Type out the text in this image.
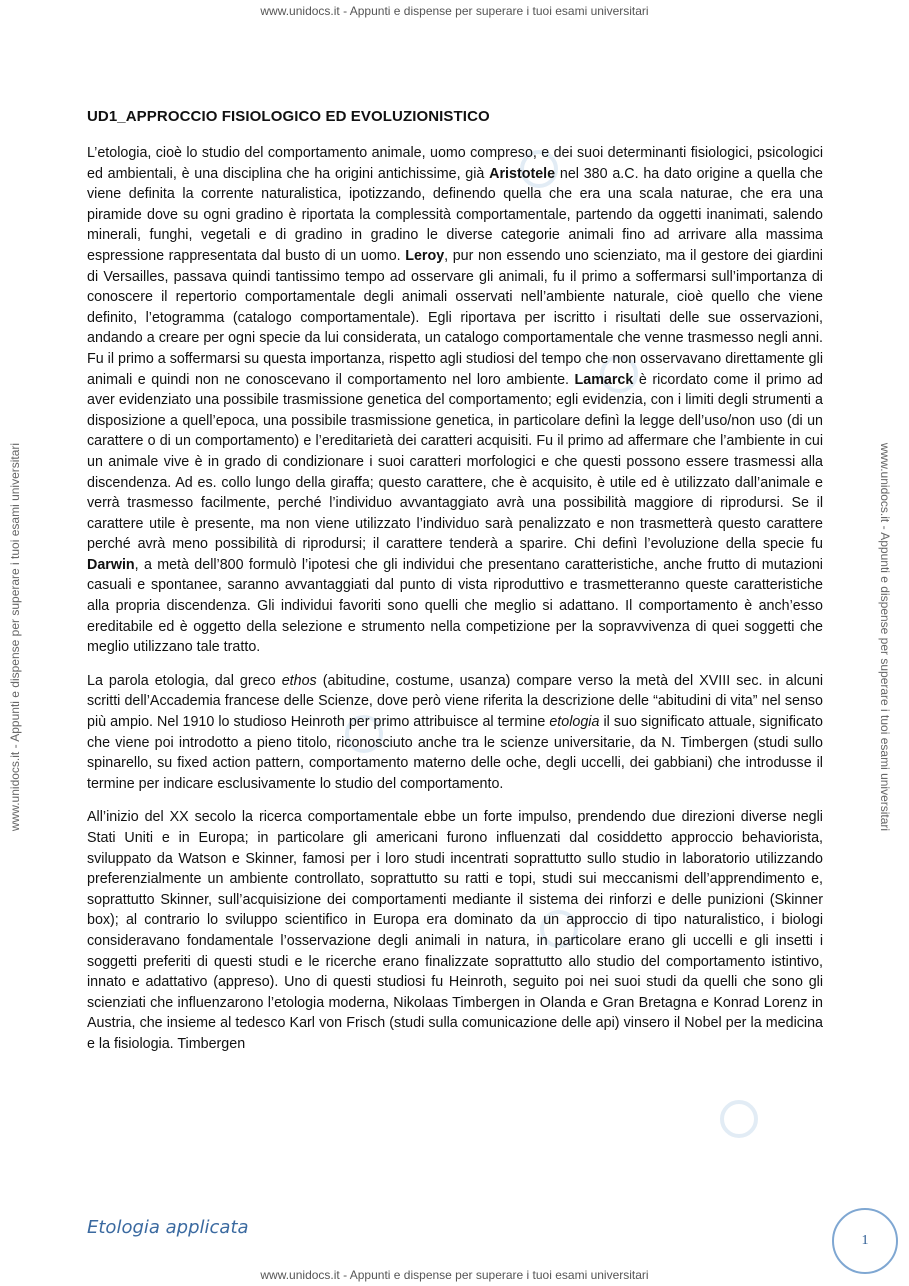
www.unidocs.it - Appunti e dispense per superare i tuoi esami universitari
www.unidocs.it - Appunti e dispense per superare i tuoi esami universitari	www.unidocs.it - Appunti e dispense per superare i tuoi esami universitari
UD1_APPROCCIO FISIOLOGICO ED EVOLUZIONISTICO

L’etologia, cioè lo studio del comportamento animale, uomo compreso, e dei suoi determinanti fisiologici, psicologici ed ambientali, è una disciplina che ha origini antichissime, già Aristotele nel 380 a.C. ha dato origine a quella che viene definita la corrente naturalistica, ipotizzando, definendo quella che era una scala naturae, che era una piramide dove su ogni gradino è riportata la complessità comportamentale, partendo da oggetti inanimati, salendo minerali, funghi, vegetali e di gradino in gradino le diverse categorie animali fino ad arrivare alla massima espressione rappresentata dal busto di un uomo. Leroy, pur non essendo uno scienziato, ma il gestore dei giardini di Versailles, passava quindi tantissimo tempo ad osservare gli animali, fu il primo a soffermarsi sull’importanza di conoscere il repertorio comportamentale degli animali osservati nell’ambiente naturale, cioè quello che viene definito, l’etogramma (catalogo comportamentale). Egli riportava per iscritto i risultati delle sue osservazioni, andando a creare per ogni specie da lui considerata, un catalogo comportamentale che venne trasmesso negli anni. Fu il primo a soffermarsi su questa importanza, rispetto agli studiosi del tempo che non osservavano direttamente gli animali e quindi non ne conoscevano il comportamento nel loro ambiente. Lamarck è ricordato come il primo ad aver evidenziato una possibile trasmissione genetica del comportamento; egli evidenzia, con i limiti degli strumenti a disposizione a quell’epoca, una possibile trasmissione genetica, in particolare definì la legge dell’uso/non uso (di un carattere o di un comportamento) e l’ereditarietà dei caratteri acquisiti. Fu il primo ad affermare che l’ambiente in cui un animale vive è in grado di condizionare i suoi caratteri morfologici e che questi possono essere trasmessi alla discendenza. Ad es. collo lungo della giraffa; questo carattere, che è acquisito, è utile ed è utilizzato dall’animale e verrà trasmesso facilmente, perché l’individuo avvantaggiato avrà una possibilità maggiore di riprodursi. Se il carattere utile è presente, ma non viene utilizzato l’individuo sarà penalizzato e non trasmetterà questo carattere perché avrà meno possibilità di riprodursi; il carattere tenderà a sparire. Chi definì l’evoluzione della specie fu Darwin, a metà dell’800 formulò l’ipotesi che gli individui che presentano caratteristiche, anche frutto di mutazioni casuali e spontanee, saranno avvantaggiati dal punto di vista riproduttivo e trasmetteranno queste caratteristiche alla propria discendenza. Gli individui favoriti sono quelli che meglio si adattano. Il comportamento è anch’esso ereditabile ed è oggetto della selezione e strumento nella competizione per la sopravvivenza di quei soggetti che meglio utilizzano tale tratto.

La parola etologia, dal greco ethos (abitudine, costume, usanza) compare verso la metà del XVIII sec. in alcuni scritti dell’Accademia francese delle Scienze, dove però viene riferita la descrizione delle “abitudini di vita” nel senso più ampio. Nel 1910 lo studioso Heinroth per primo attribuisce al termine etologia il suo significato attuale, significato che viene poi introdotto a pieno titolo, riconosciuto anche tra le scienze universitarie, da N. Timbergen (studi sullo spinarello, su fixed action pattern, comportamento materno delle oche, degli uccelli, dei gabbiani) che introdusse il termine per indicare esclusivamente lo studio del comportamento.

All’inizio del XX secolo la ricerca comportamentale ebbe un forte impulso, prendendo due direzioni diverse negli Stati Uniti e in Europa; in particolare gli americani furono influenzati dal cosiddetto approccio behaviorista, sviluppato da Watson e Skinner, famosi per i loro studi incentrati soprattutto sullo studio in laboratorio utilizzando preferenzialmente un ambiente controllato, soprattutto su ratti e topi, studi sui meccanismi dell’apprendimento e, soprattutto Skinner, sull’acquisizione dei comportamenti mediante il sistema dei rinforzi e delle punizioni (Skinner box); al contrario lo sviluppo scientifico in Europa era dominato da un approccio di tipo naturalistico, i biologi consideravano fondamentale l’osservazione degli animali in natura, in particolare erano gli uccelli e gli insetti i soggetti preferiti di questi studi e le ricerche erano finalizzate soprattutto allo studio del comportamento istintivo, innato e adattativo (appreso). Uno di questi studiosi fu Heinroth, seguito poi nei suoi studi da quelli che sono gli scienziati che influenzarono l’etologia moderna, Nikolaas Timbergen in Olanda e Gran Bretagna e Konrad Lorenz in Austria, che insieme al tedesco Karl von Frisch (studi sulla comunicazione delle api) vinsero il Nobel per la medicina e la fisiologia. Timbergen

Etologia applicata
1
www.unidocs.it - Appunti e dispense per superare i tuoi esami universitari
